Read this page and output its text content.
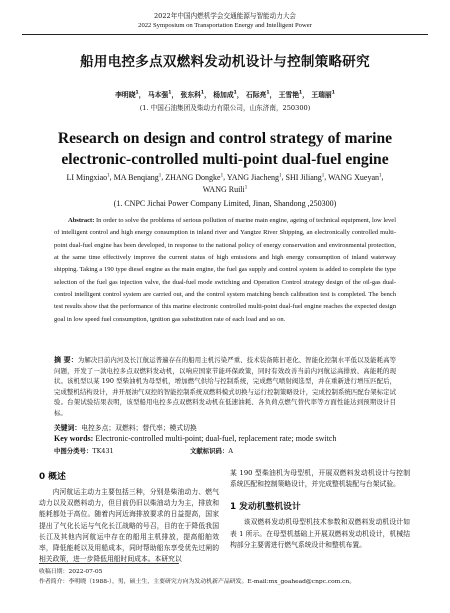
2022年中国内燃机学会交通能源与智能动力大会
2022 Symposium on Transportation Energy and Intelligent Power
船用电控多点双燃料发动机设计与控制策略研究
李明晓$^1$， 马本强$^1$， 张东科$^1$， 杨加成$^1$， 石际亮$^1$， 王雪艳$^1$， 王瑞丽$^1$
(1. 中国石油集团及柴动力有限公司，山东济南，250300)
Research on design and control strategy of marine electronic-controlled multi-point dual-fuel engine
LI Mingxiao$^1$, MA Benqiang$^1$, ZHANG Dongke$^1$, YANG Jiacheng$^1$, SHI Jiliang$^1$, WANG Xueyan$^1$, WANG Ruili$^1$
(1. CNPC Jichai Power Company Limited, Jinan, Shandong ,250300)
Abstract: In order to solve the problems of serious pollution of marine main engine, ageing of technical equipment, low level of intelligent control and high energy consumption in inland river and Yangtze River Shipping, an electronically controlled multi-point dual-fuel engine has been developed, in response to the national policy of energy conservation and environmental protection, at the same time effectively improve the current status of high emissions and high energy consumption of inland waterway shipping. Taking a 190 type diesel engine as the main engine, the fuel gas supply and control system is added to complete the type selection of the fuel gas injection valve, the dual-fuel mode switching and Operation Control strategy design of the oil-gas dual-control intelligent control system are carried out, and the control system matching bench calibration test is completed. The bench test results show that the performance of this marine electronic controlled multi-point dual-fuel engine reaches the expected design goal in low speed fuel consumption, ignition gas substitution rate of each load and so on.
摘 要：为解决目前内河及长江航运普遍存在的船用主机污染严重、技术装备陈旧老化、智能化控制水平低以及能耗高等问题，开发了一款电控多点双燃料发动机，以响应国家节能环保政策，同时有效改善当前内河航运高排放、高能耗的现状。该机型以某 190 型柴油机为母型机，增加燃气供给与控制系统，完成燃气喷射阀选型，并在重新进行增压匹配后，完成整机结构设计，并开展油气双控的智能控制系统双燃料模式切换与运行控制策略设计，完成控制系统匹配台架标定试验。台架试验结果表明，该型船用电控多点双燃料发动机在低速油耗、各负荷点燃气替代率等方面性能达到预期设计目标。
关键词：电控多点；双燃料；替代率；模式切换
Key words: Electronic-controlled multi-point; dual-fuel, replacement rate; mode switch
中图分类号：TK431	文献标识码：A
0 概述

内河航运主动力主要包括三种，分别是柴油动力、燃气动力以及双燃料动力，但目前仍旧以柴油动力为主，排放和能耗都处于高位。随着内河近海排放要求的日益提高，国家提出了气化长运与气化长江战略的号召，目的在于降低我国长江及其他内河航运中存在的船用主机排放，提高船舶效率，降低能耗以及用船成本，同时帮助船东享受优先过闸的相关政策，进一步降低用船时间成本。本研究以

某 190 型柴油机为母型机，开展双燃料发动机设计与控制系统匹配和控制策略设计，并完成整机装配与台架试验。

1 发动机整机设计

该双燃料发动机母型机技术参数和双燃料发动机设计如表 1 所示。在母型机基础上开展双燃料发动机设计，机械结构部分主要需进行燃气系统设计和整机布置。

收稿日期：2022-07-05
作者简介：李明晓（1988-），男，硕士生，主要研究方向为发动机新产品研发。E-mail:mx_goahead@cnpc.com.cn。
